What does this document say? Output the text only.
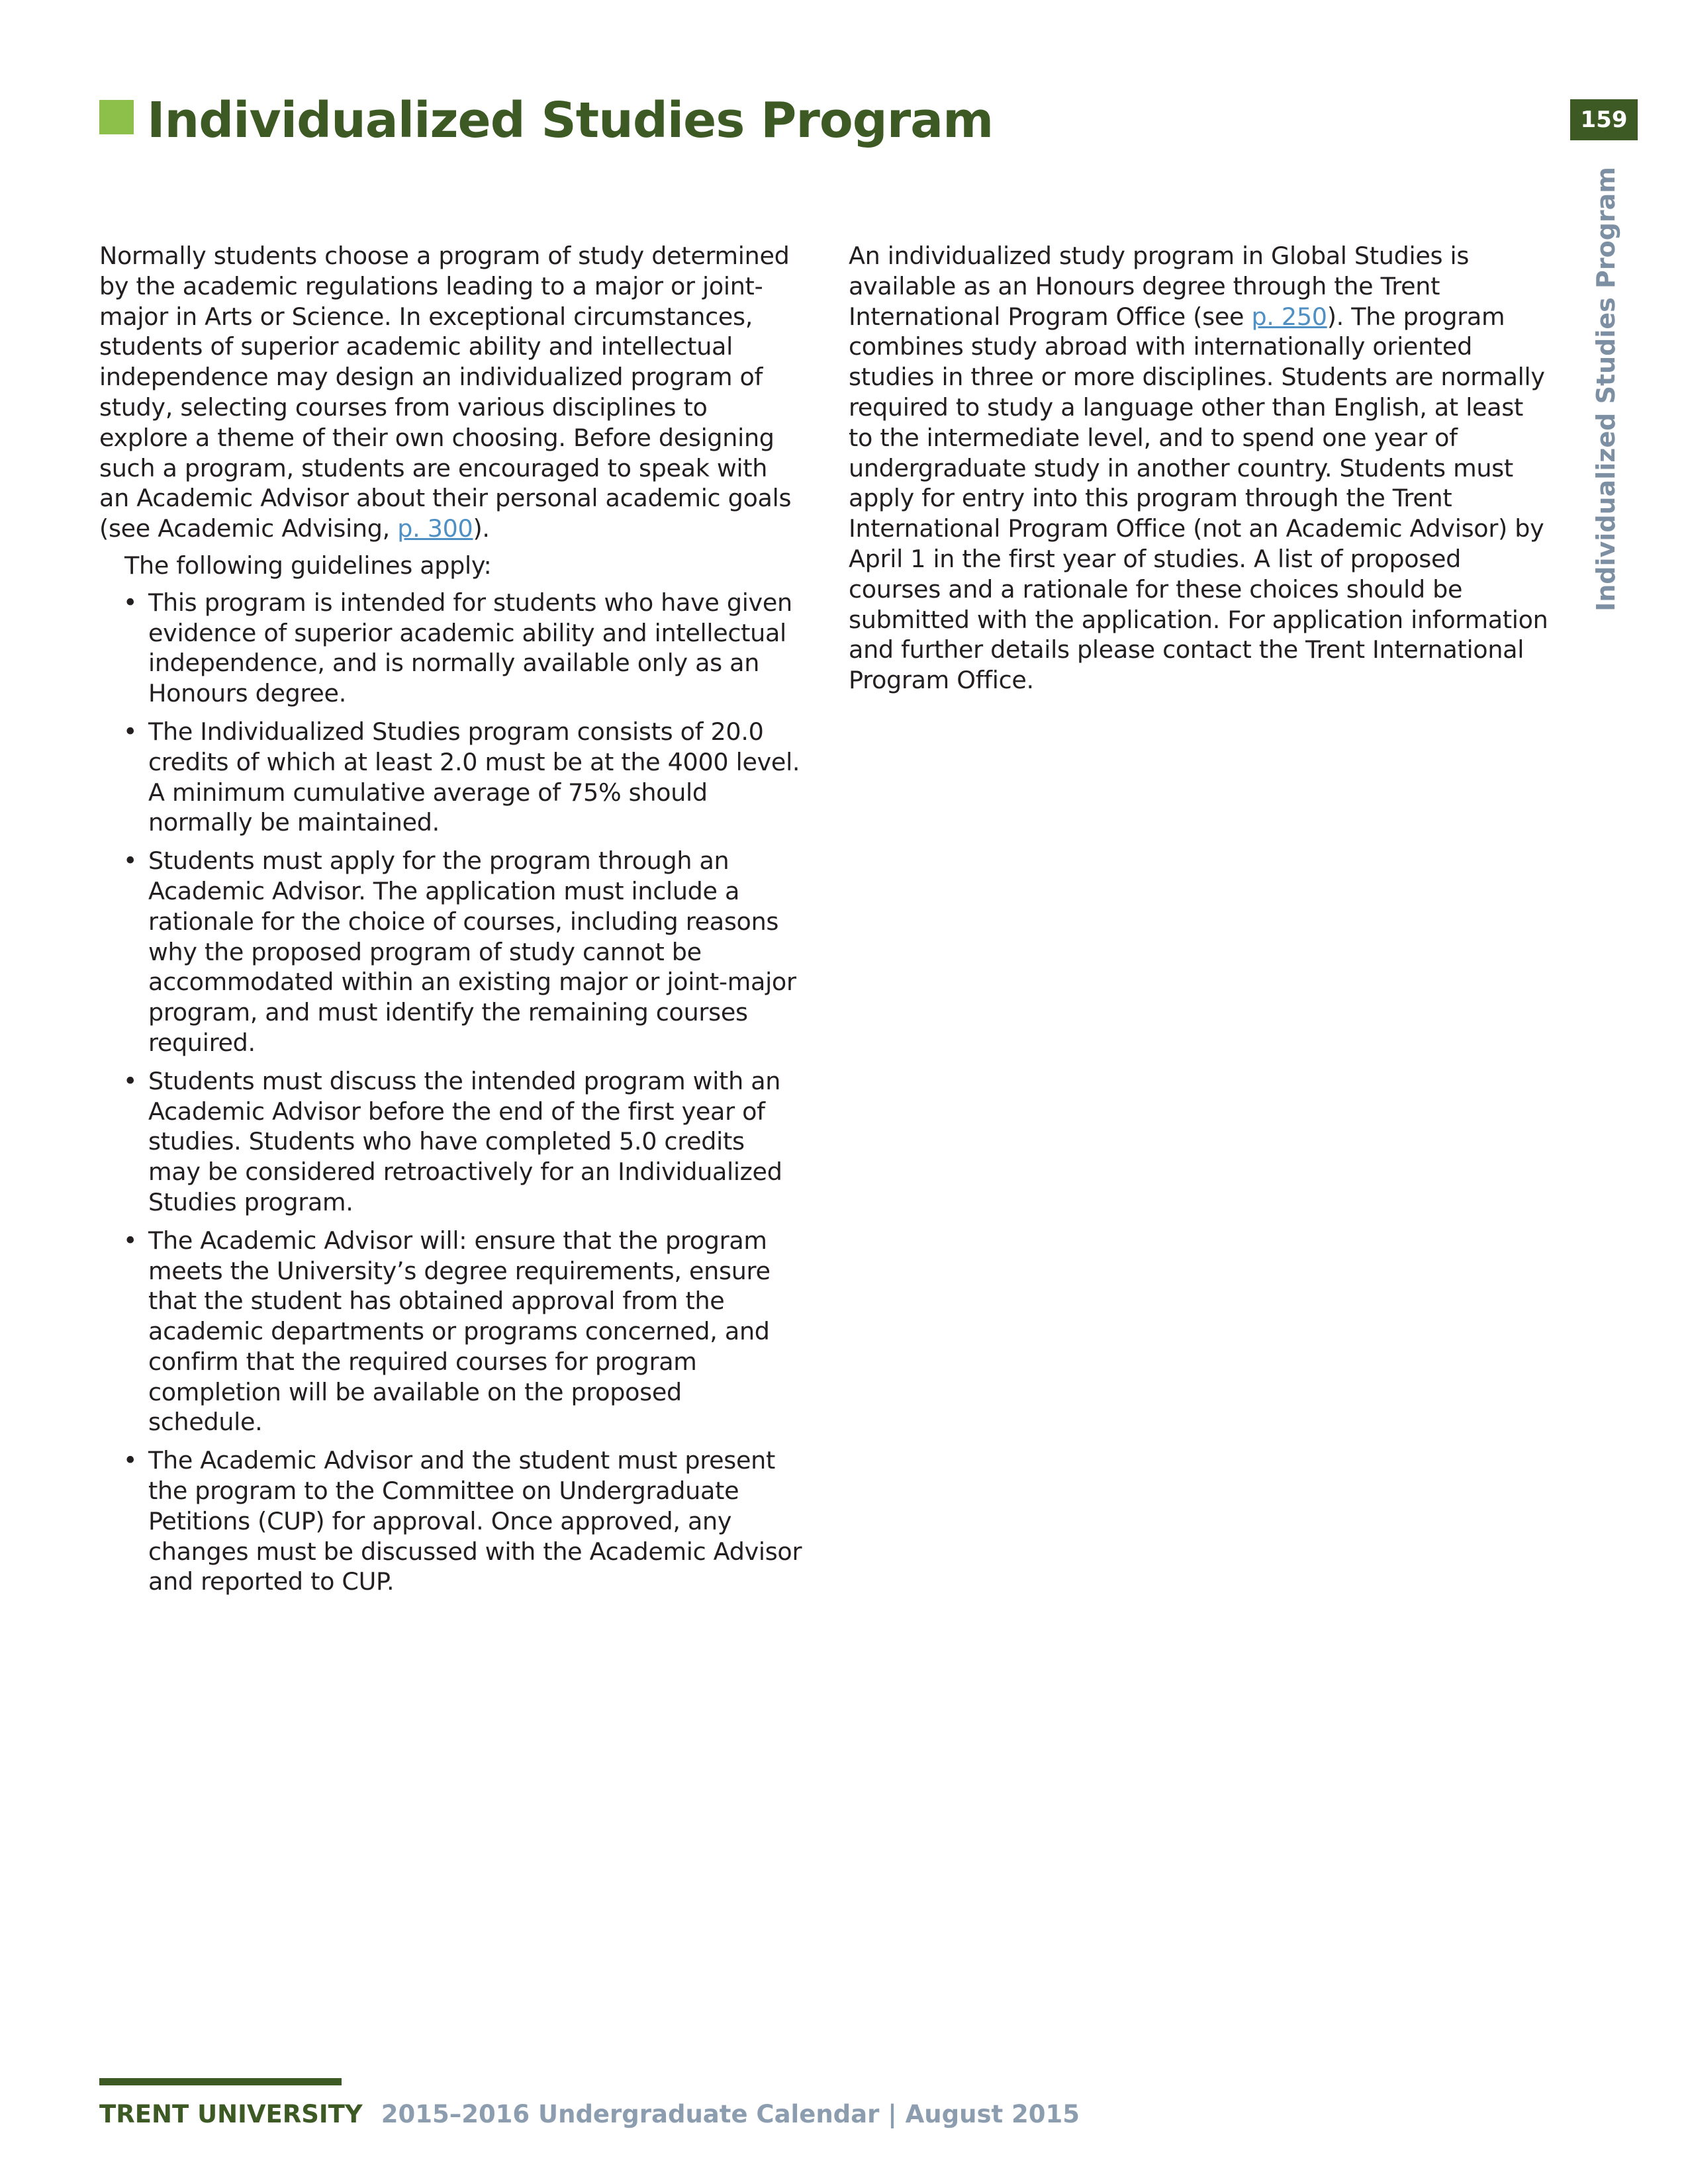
Individualized Studies Program	159
Individualized Studies Program

Normally students choose a program of study determined by the academic regulations leading to a major or joint-major in Arts or Science. In exceptional circumstances, students of superior academic ability and intellectual independence may design an individualized program of study, selecting courses from various disciplines to explore a theme of their own choosing. Before designing such a program, students are encouraged to speak with an Academic Advisor about their personal academic goals (see Academic Advising, p. 300).

The following guidelines apply:

• This program is intended for students who have given evidence of superior academic ability and intellectual independence, and is normally available only as an Honours degree.
• The Individualized Studies program consists of 20.0 credits of which at least 2.0 must be at the 4000 level. A minimum cumulative average of 75% should normally be maintained.
• Students must apply for the program through an Academic Advisor. The application must include a rationale for the choice of courses, including reasons why the proposed program of study cannot be accommodated within an existing major or joint-major program, and must identify the remaining courses required.
• Students must discuss the intended program with an Academic Advisor before the end of the first year of studies. Students who have completed 5.0 credits may be considered retroactively for an Individualized Studies program.
• The Academic Advisor will: ensure that the program meets the University’s degree requirements, ensure that the student has obtained approval from the academic departments or programs concerned, and confirm that the required courses for program completion will be available on the proposed schedule.
• The Academic Advisor and the student must present the program to the Committee on Undergraduate Petitions (CUP) for approval. Once approved, any changes must be discussed with the Academic Advisor and reported to CUP.

An individualized study program in Global Studies is available as an Honours degree through the Trent International Program Office (see p. 250). The program combines study abroad with internationally oriented studies in three or more disciplines. Students are normally required to study a language other than English, at least to the intermediate level, and to spend one year of undergraduate study in another country. Students must apply for entry into this program through the Trent International Program Office (not an Academic Advisor) by April 1 in the first year of studies. A list of proposed courses and a rationale for these choices should be submitted with the application. For application information and further details please contact the Trent International Program Office.

TRENT UNIVERSITY 2015–2016 Undergraduate Calendar | August 2015
